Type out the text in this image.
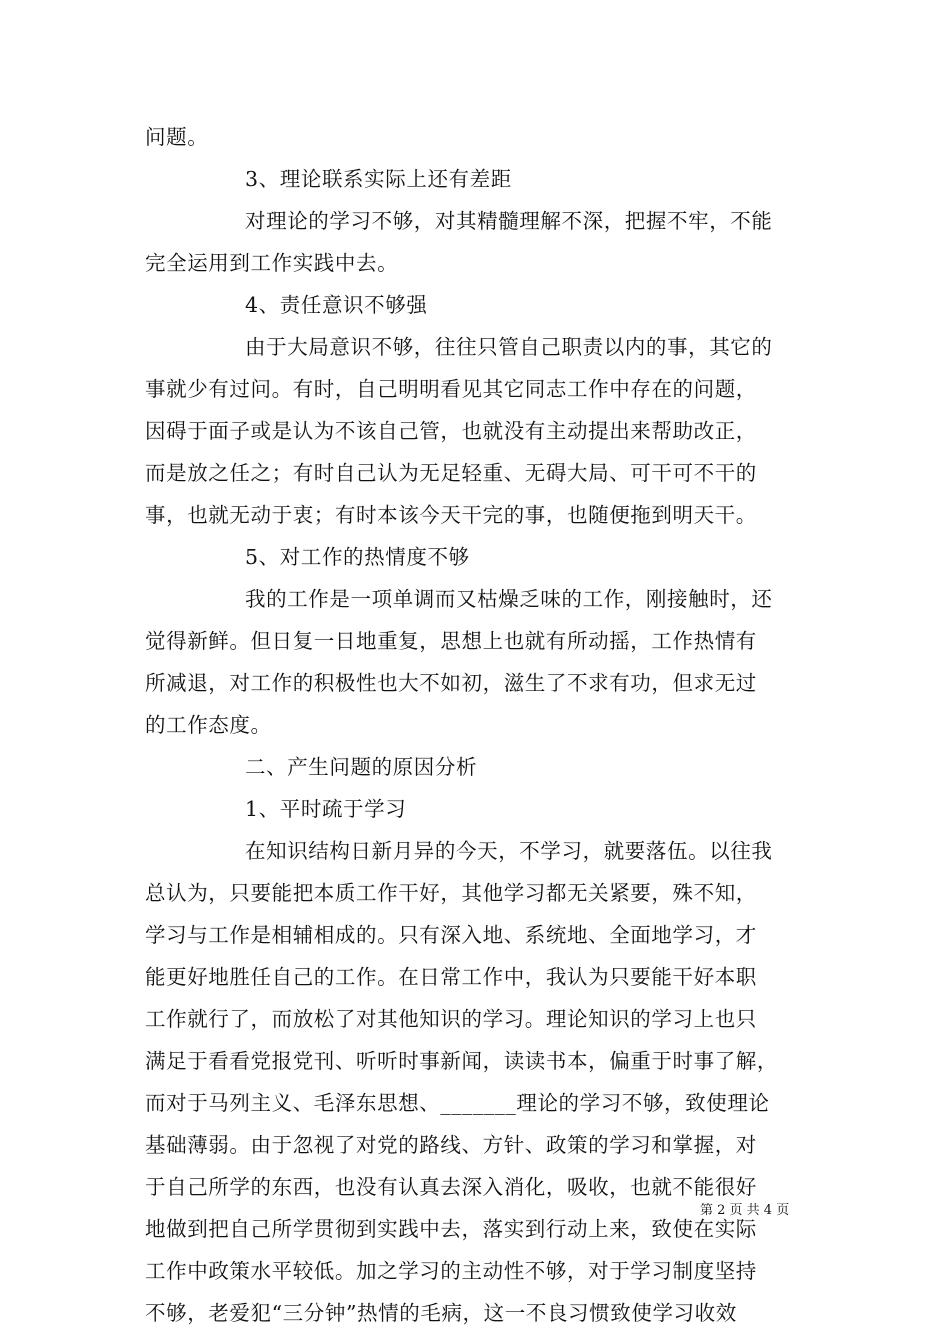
问题。
3、理论联系实际上还有差距
对理论的学习不够，对其精髓理解不深，把握不牢，不能
完全运用到工作实践中去。
4、责任意识不够强
由于大局意识不够，往往只管自己职责以内的事，其它的
事就少有过问。有时，自己明明看见其它同志工作中存在的问题，
因碍于面子或是认为不该自己管，也就没有主动提出来帮助改正，
而是放之任之；有时自己认为无足轻重、无碍大局、可干可不干的
事，也就无动于衷；有时本该今天干完的事，也随便拖到明天干。
5、对工作的热情度不够
我的工作是一项单调而又枯燥乏味的工作，刚接触时，还
觉得新鲜。但日复一日地重复，思想上也就有所动摇，工作热情有
所减退，对工作的积极性也大不如初，滋生了不求有功，但求无过
的工作态度。
二、产生问题的原因分析
1、平时疏于学习
在知识结构日新月异的今天，不学习，就要落伍。以往我
总认为，只要能把本质工作干好，其他学习都无关紧要，殊不知，
学习与工作是相辅相成的。只有深入地、系统地、全面地学习，才
能更好地胜任自己的工作。在日常工作中，我认为只要能干好本职
工作就行了，而放松了对其他知识的学习。理论知识的学习上也只
满足于看看党报党刊、听听时事新闻，读读书本，偏重于时事了解，
而对于马列主义、毛泽东思想、_______理论的学习不够，致使理论
基础薄弱。由于忽视了对党的路线、方针、政策的学习和掌握，对
于自己所学的东西，也没有认真去深入消化，吸收，也就不能很好
地做到把自己所学贯彻到实践中去，落实到行动上来，致使在实际
工作中政策水平较低。加之学习的主动性不够，对于学习制度坚持
不够，老爱犯“三分钟”热情的毛病，这一不良习惯致使学习收效
第 2 页 共 4 页
